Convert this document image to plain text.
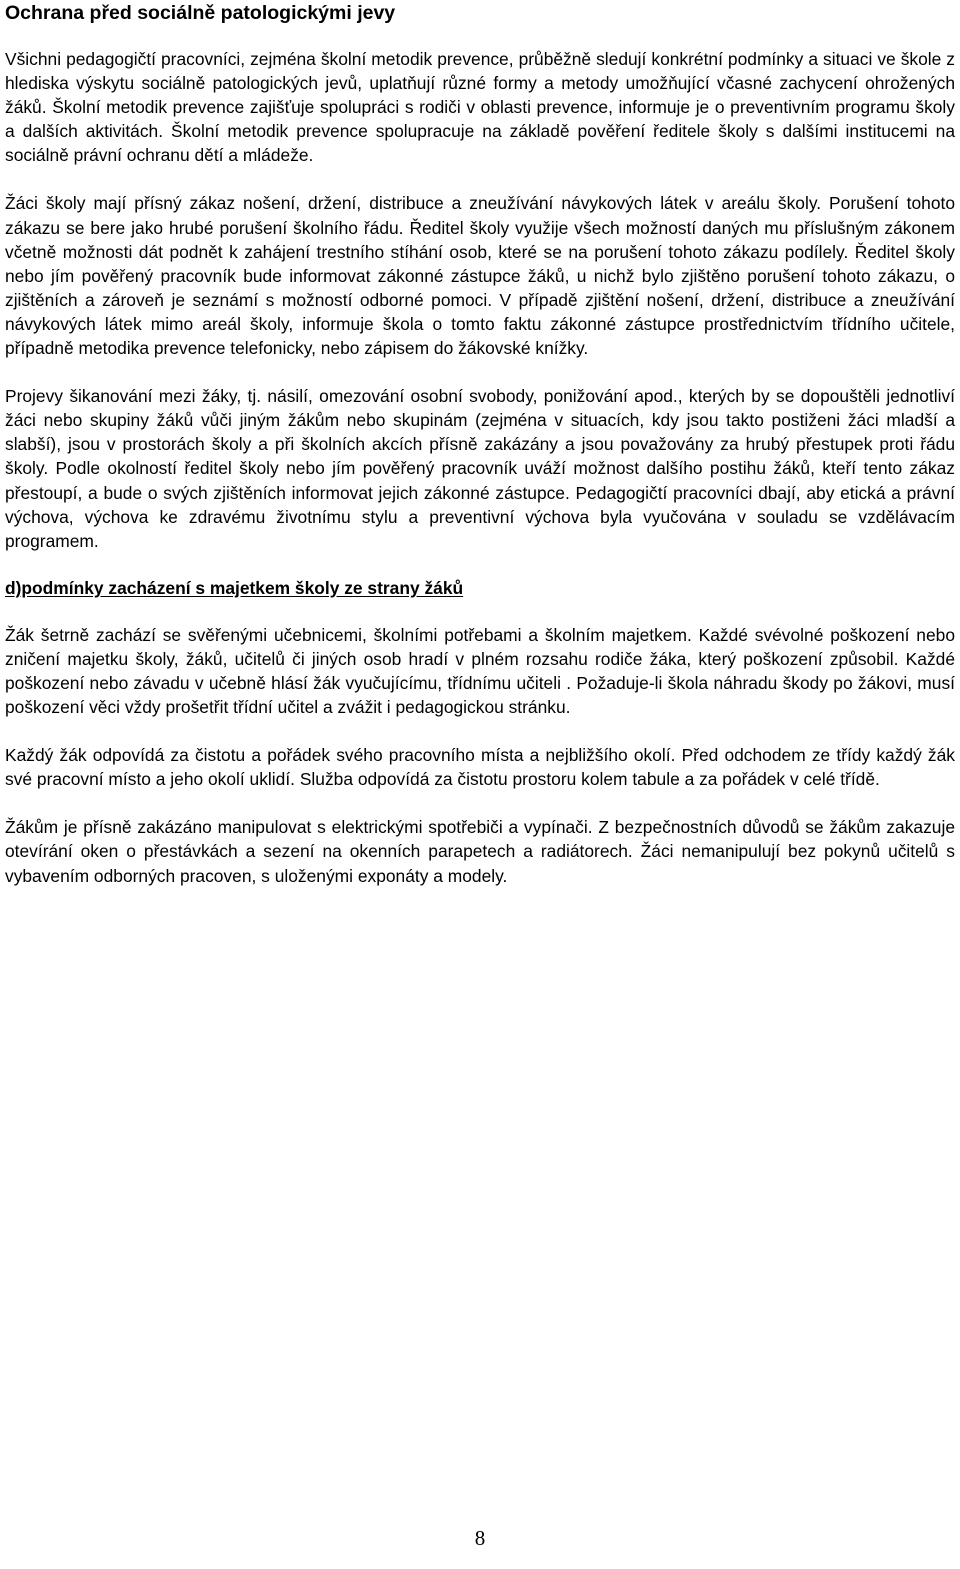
Ochrana před sociálně patologickými jevy

Všichni pedagogičtí pracovníci, zejména školní metodik prevence, průběžně sledují konkrétní podmínky a situaci ve škole z hlediska výskytu sociálně patologických jevů, uplatňují různé formy a metody umožňující včasné zachycení ohrožených žáků. Školní metodik prevence zajišťuje spolupráci s rodiči v oblasti prevence, informuje je o preventivním programu školy a dalších aktivitách. Školní metodik prevence spolupracuje na základě pověření ředitele školy s dalšími institucemi na sociálně právní ochranu dětí a mládeže.

Žáci školy mají přísný zákaz nošení, držení, distribuce a zneužívání návykových látek v areálu školy. Porušení tohoto zákazu se bere jako hrubé porušení školního řádu. Ředitel školy využije všech možností daných mu příslušným zákonem včetně možnosti dát podnět k zahájení trestního stíhání osob, které se na porušení tohoto zákazu podílely. Ředitel školy nebo jím pověřený pracovník bude informovat zákonné zástupce žáků, u nichž bylo zjištěno porušení tohoto zákazu, o zjištěních a zároveň je seznámí s možností odborné pomoci. V případě zjištění nošení, držení, distribuce a zneužívání návykových látek mimo areál školy, informuje škola o tomto faktu zákonné zástupce prostřednictvím třídního učitele, případně metodika prevence telefonicky, nebo zápisem do žákovské knížky.

Projevy šikanování mezi žáky, tj. násilí, omezování osobní svobody, ponižování apod., kterých by se dopouštěli jednotliví žáci nebo skupiny žáků vůči jiným žákům nebo skupinám (zejména v situacích, kdy jsou takto postiženi žáci mladší a slabší), jsou v prostorách školy a při školních akcích přísně zakázány a jsou považovány za hrubý přestupek proti řádu školy. Podle okolností ředitel školy nebo jím pověřený pracovník uváží možnost dalšího postihu žáků, kteří tento zákaz přestoupí, a bude o svých zjištěních informovat jejich zákonné zástupce. Pedagogičtí pracovníci dbají, aby etická a právní výchova, výchova ke zdravému životnímu stylu a preventivní výchova byla vyučována v souladu se vzdělávacím programem.

d)podmínky zacházení s majetkem školy ze strany žáků

Žák šetrně zachází se svěřenými učebnicemi, školními potřebami a školním majetkem. Každé svévolné poškození nebo zničení majetku školy, žáků, učitelů či jiných osob hradí v plném rozsahu rodiče žáka, který poškození způsobil. Každé poškození nebo závadu v učebně hlásí žák vyučujícímu, třídnímu učiteli . Požaduje-li škola náhradu škody po žákovi, musí poškození věci vždy prošetřit třídní učitel a zvážit i pedagogickou stránku.

Každý žák odpovídá za čistotu a pořádek svého pracovního místa a nejbližšího okolí. Před odchodem ze třídy každý žák své pracovní místo a jeho okolí uklidí. Služba odpovídá za čistotu prostoru kolem tabule a za pořádek v celé třídě.

Žákům je přísně zakázáno manipulovat s elektrickými spotřebiči a vypínači. Z bezpečnostních důvodů se žákům zakazuje otevírání oken o přestávkách a sezení na okenních parapetech a radiátorech. Žáci nemanipulují bez pokynů učitelů s vybavením odborných pracoven, s uloženými exponáty a modely.

8
